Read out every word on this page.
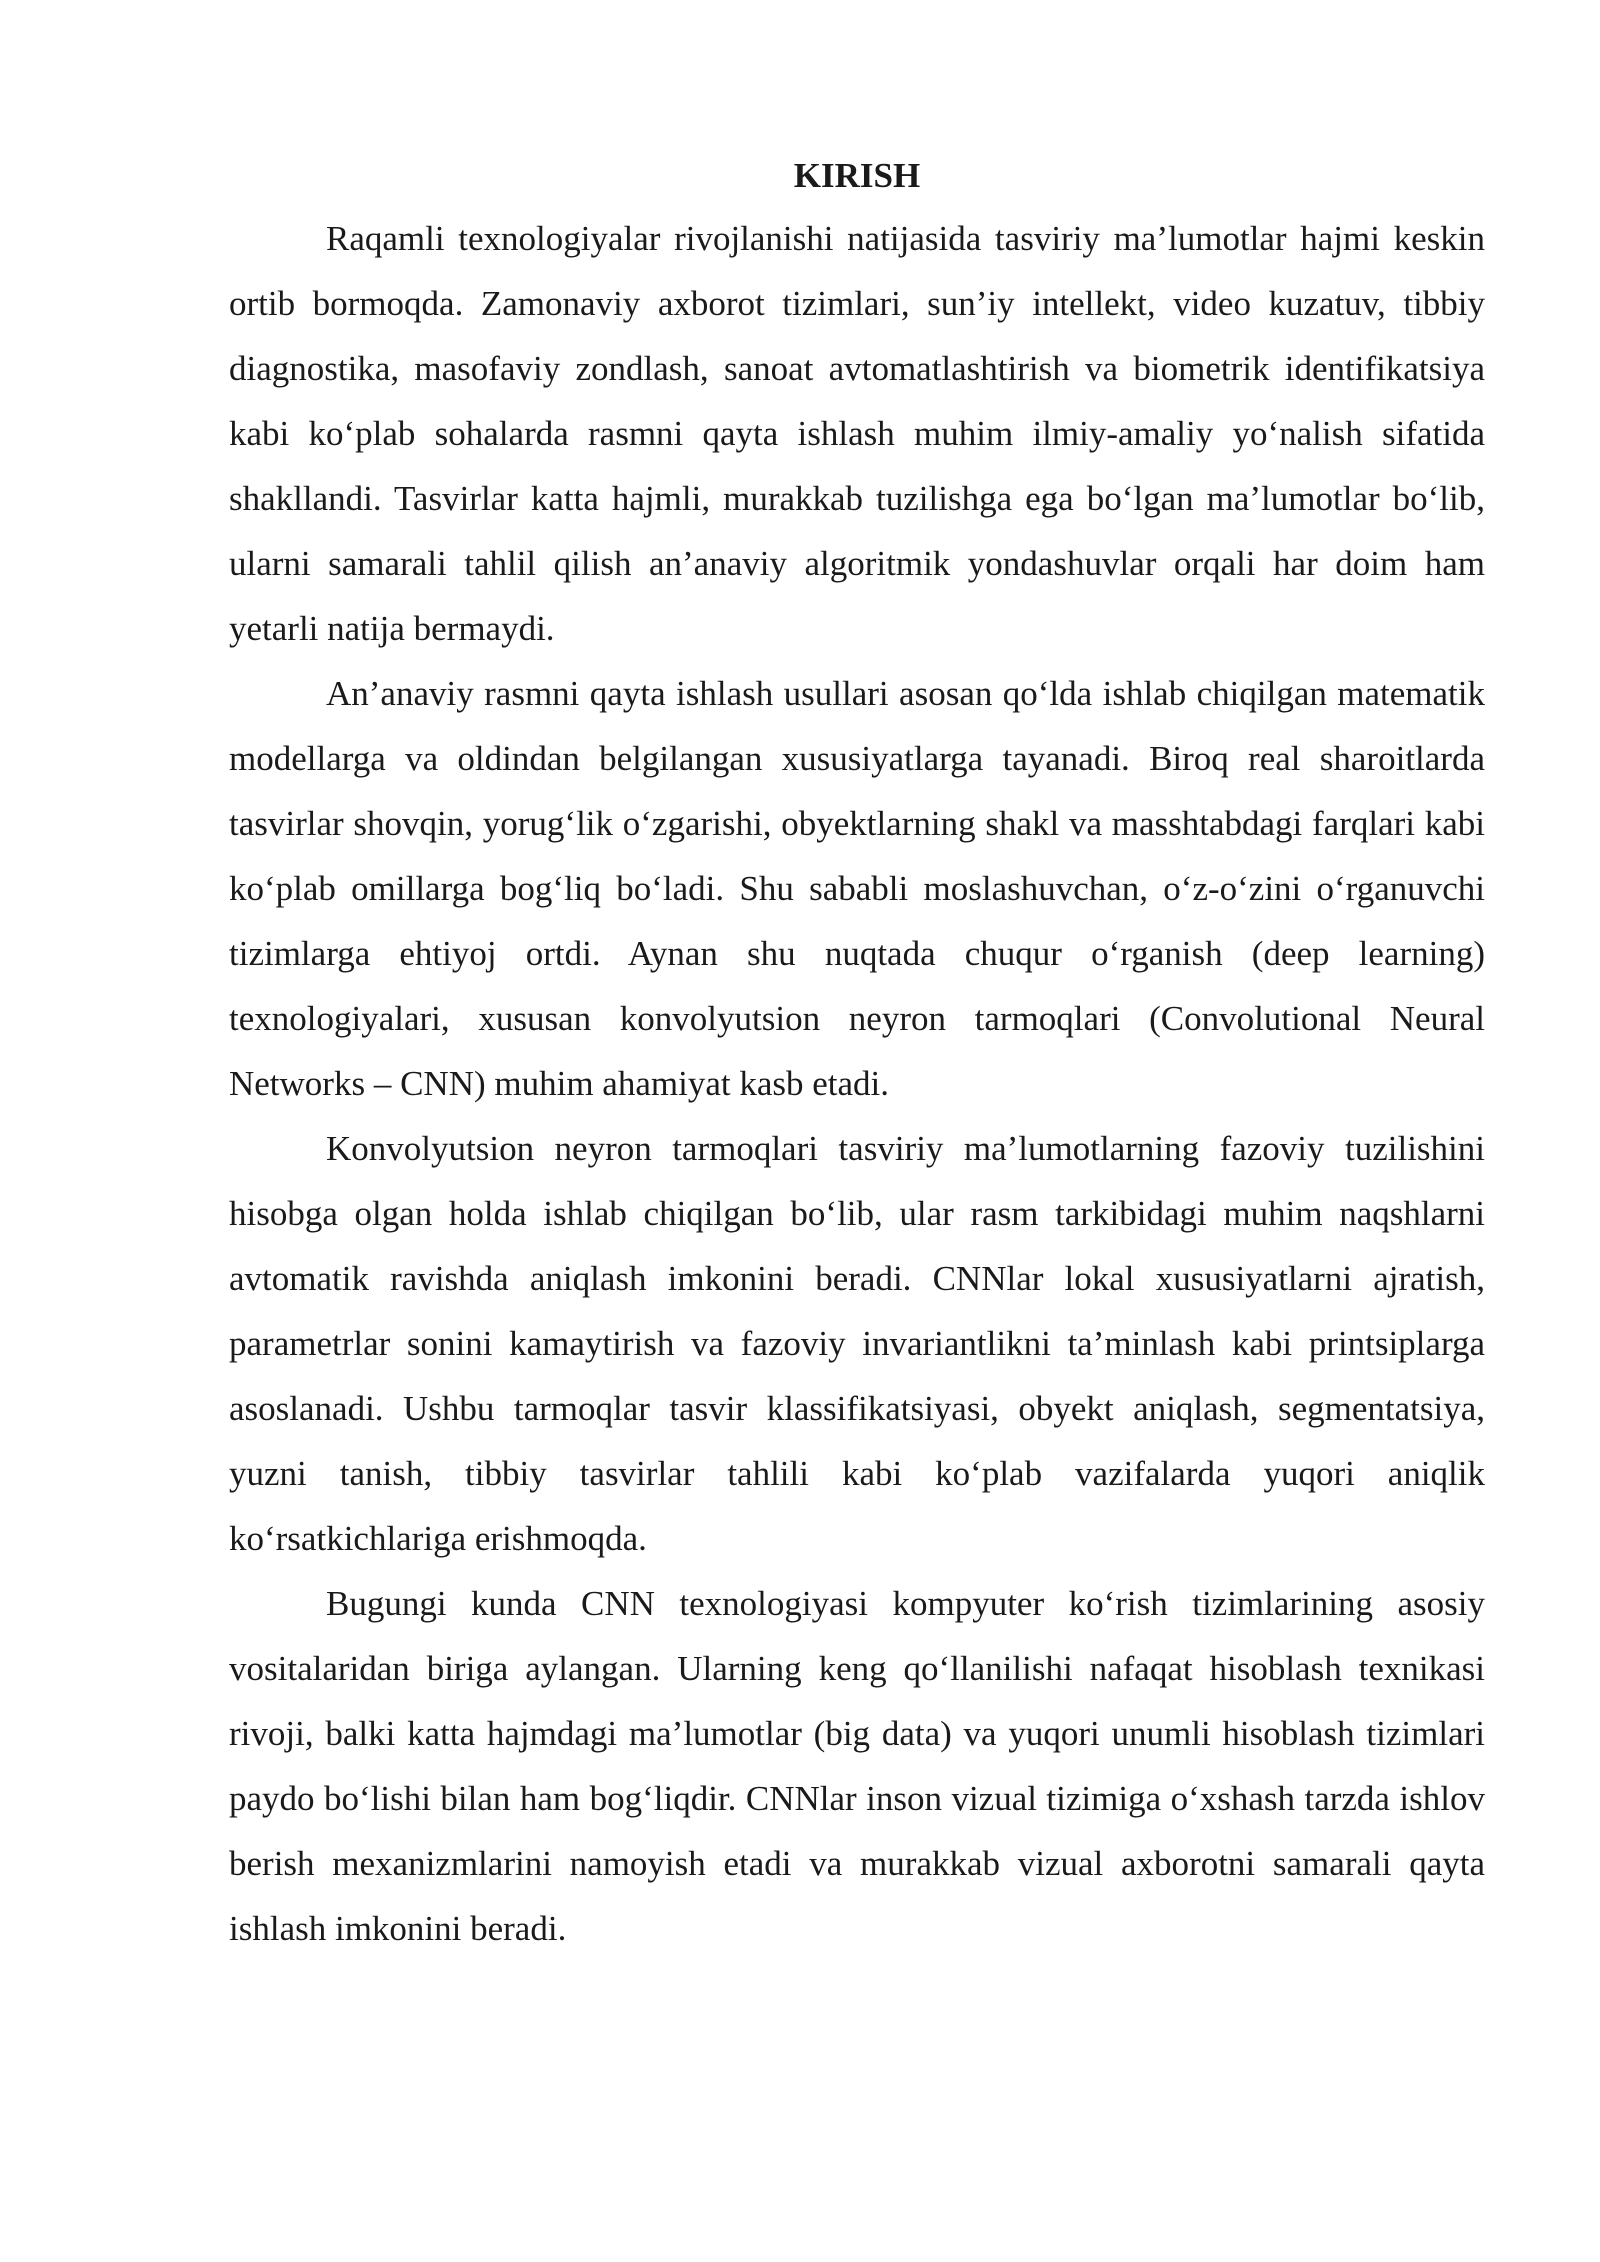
KIRISH

Raqamli texnologiyalar rivojlanishi natijasida tasviriy ma’lumotlar hajmi keskin ortib bormoqda. Zamonaviy axborot tizimlari, sun’iy intellekt, video kuzatuv, tibbiy diagnostika, masofaviy zondlash, sanoat avtomatlashtirish va biometrik identifikatsiya kabi ko‘plab sohalarda rasmni qayta ishlash muhim ilmiy-amaliy yo‘nalish sifatida shakllandi. Tasvirlar katta hajmli, murakkab tuzilishga ega bo‘lgan ma’lumotlar bo‘lib, ularni samarali tahlil qilish an’anaviy algoritmik yondashuvlar orqali har doim ham yetarli natija bermaydi.

An’anaviy rasmni qayta ishlash usullari asosan qo‘lda ishlab chiqilgan matematik modellarga va oldindan belgilangan xususiyatlarga tayanadi. Biroq real sharoitlarda tasvirlar shovqin, yorug‘lik o‘zgarishi, obyektlarning shakl va masshtabdagi farqlari kabi ko‘plab omillarga bog‘liq bo‘ladi. Shu sababli moslashuvchan, o‘z-o‘zini o‘rganuvchi tizimlarga ehtiyoj ortdi. Aynan shu nuqtada chuqur o‘rganish (deep learning) texnologiyalari, xususan konvolyutsion neyron tarmoqlari (Convolutional Neural Networks – CNN) muhim ahamiyat kasb etadi.

Konvolyutsion neyron tarmoqlari tasviriy ma’lumotlarning fazoviy tuzilishini hisobga olgan holda ishlab chiqilgan bo‘lib, ular rasm tarkibidagi muhim naqshlarni avtomatik ravishda aniqlash imkonini beradi. CNNlar lokal xususiyatlarni ajratish, parametrlar sonini kamaytirish va fazoviy invariantlikni ta’minlash kabi printsiplarga asoslanadi. Ushbu tarmoqlar tasvir klassifikatsiyasi, obyekt aniqlash, segmentatsiya, yuzni tanish, tibbiy tasvirlar tahlili kabi ko‘plab vazifalarda yuqori aniqlik ko‘rsatkichlariga erishmoqda.

Bugungi kunda CNN texnologiyasi kompyuter ko‘rish tizimlarining asosiy vositalaridan biriga aylangan. Ularning keng qo‘llanilishi nafaqat hisoblash texnikasi rivoji, balki katta hajmdagi ma’lumotlar (big data) va yuqori unumli hisoblash tizimlari paydo bo‘lishi bilan ham bog‘liqdir. CNNlar inson vizual tizimiga o‘xshash tarzda ishlov berish mexanizmlarini namoyish etadi va murakkab vizual axborotni samarali qayta ishlash imkonini beradi.
